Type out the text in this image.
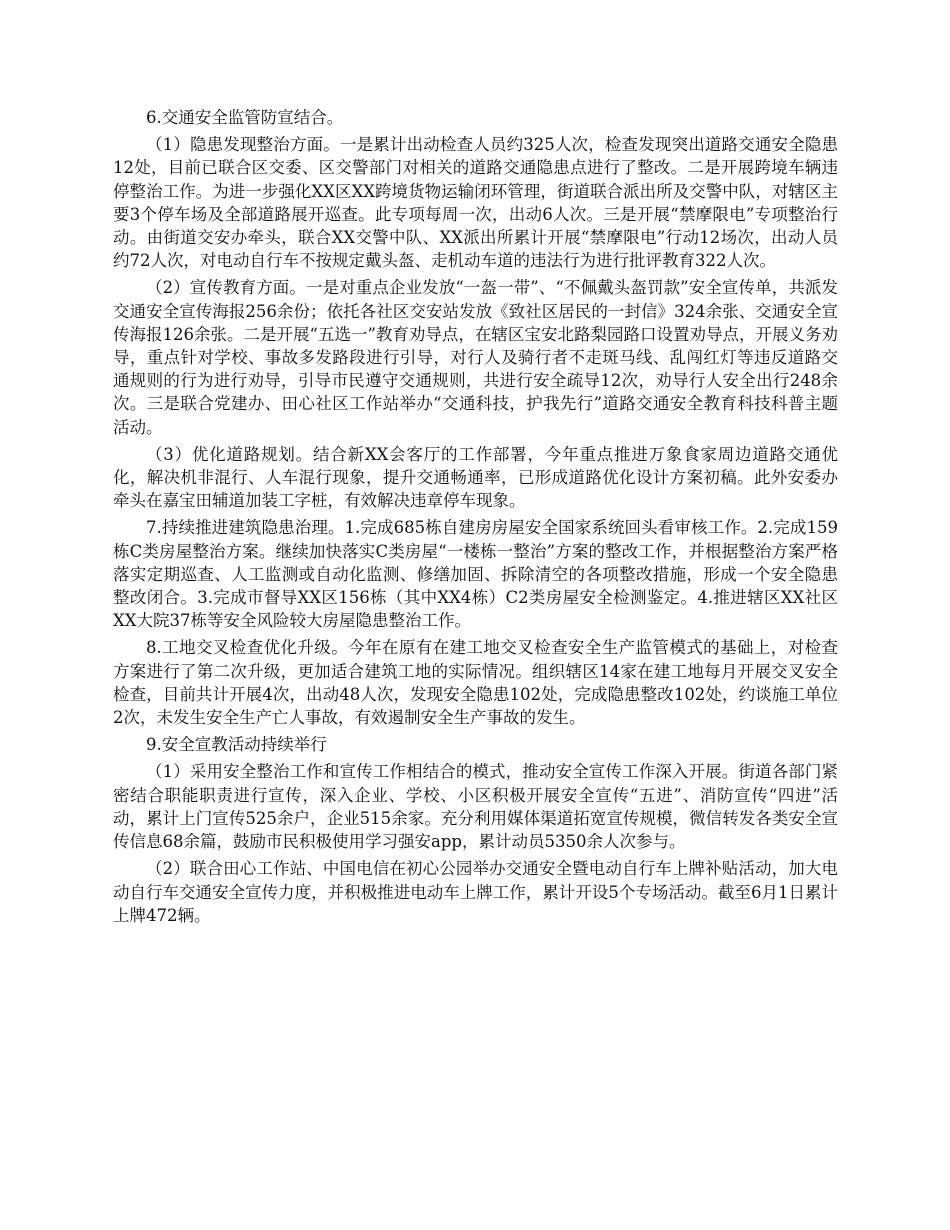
6.交通安全监管防宣结合。

（1）隐患发现整治方面。一是累计出动检查人员约325人次，检查发现突出道路交通安全隐患12处，目前已联合区交委、区交警部门对相关的道路交通隐患点进行了整改。二是开展跨境车辆违停整治工作。为进一步强化XX区XX跨境货物运输闭环管理，街道联合派出所及交警中队，对辖区主要3个停车场及全部道路展开巡查。此专项每周一次，出动6人次。三是开展“禁摩限电”专项整治行动。由街道交安办牵头，联合XX交警中队、XX派出所累计开展“禁摩限电”行动12场次，出动人员约72人次，对电动自行车不按规定戴头盔、走机动车道的违法行为进行批评教育322人次。

（2）宣传教育方面。一是对重点企业发放“一盔一带”、“不佩戴头盔罚款”安全宣传单，共派发交通安全宣传海报256余份；依托各社区交安站发放《致社区居民的一封信》324余张、交通安全宣传海报126余张。二是开展“五选一”教育劝导点，在辖区宝安北路梨园路口设置劝导点，开展义务劝导，重点针对学校、事故多发路段进行引导，对行人及骑行者不走斑马线、乱闯红灯等违反道路交通规则的行为进行劝导，引导市民遵守交通规则，共进行安全疏导12次，劝导行人安全出行248余次。三是联合党建办、田心社区工作站举办“交通科技，护我先行”道路交通安全教育科技科普主题活动。

（3）优化道路规划。结合新XX会客厅的工作部署，今年重点推进万象食家周边道路交通优化，解决机非混行、人车混行现象，提升交通畅通率，已形成道路优化设计方案初稿。此外安委办牵头在嘉宝田辅道加装工字桩，有效解决违章停车现象。

7.持续推进建筑隐患治理。1.完成685栋自建房房屋安全国家系统回头看审核工作。2.完成159栋C类房屋整治方案。继续加快落实C类房屋“一楼栋一整治”方案的整改工作，并根据整治方案严格落实定期巡查、人工监测或自动化监测、修缮加固、拆除清空的各项整改措施，形成一个安全隐患整改闭合。3.完成市督导XX区156栋（其中XX4栋）C2类房屋安全检测鉴定。4.推进辖区XX社区XX大院37栋等安全风险较大房屋隐患整治工作。

8.工地交叉检查优化升级。今年在原有在建工地交叉检查安全生产监管模式的基础上，对检查方案进行了第二次升级，更加适合建筑工地的实际情况。组织辖区14家在建工地每月开展交叉安全检查，目前共计开展4次，出动48人次，发现安全隐患102处，完成隐患整改102处，约谈施工单位2次，未发生安全生产亡人事故，有效遏制安全生产事故的发生。

9.安全宣教活动持续举行

（1）采用安全整治工作和宣传工作相结合的模式，推动安全宣传工作深入开展。街道各部门紧密结合职能职责进行宣传，深入企业、学校、小区积极开展安全宣传“五进”、消防宣传“四进”活动，累计上门宣传525余户，企业515余家。充分利用媒体渠道拓宽宣传规模，微信转发各类安全宣传信息68余篇，鼓励市民积极使用学习强安app，累计动员5350余人次参与。

（2）联合田心工作站、中国电信在初心公园举办交通安全暨电动自行车上牌补贴活动，加大电动自行车交通安全宣传力度，并积极推进电动车上牌工作，累计开设5个专场活动。截至6月1日累计上牌472辆。
